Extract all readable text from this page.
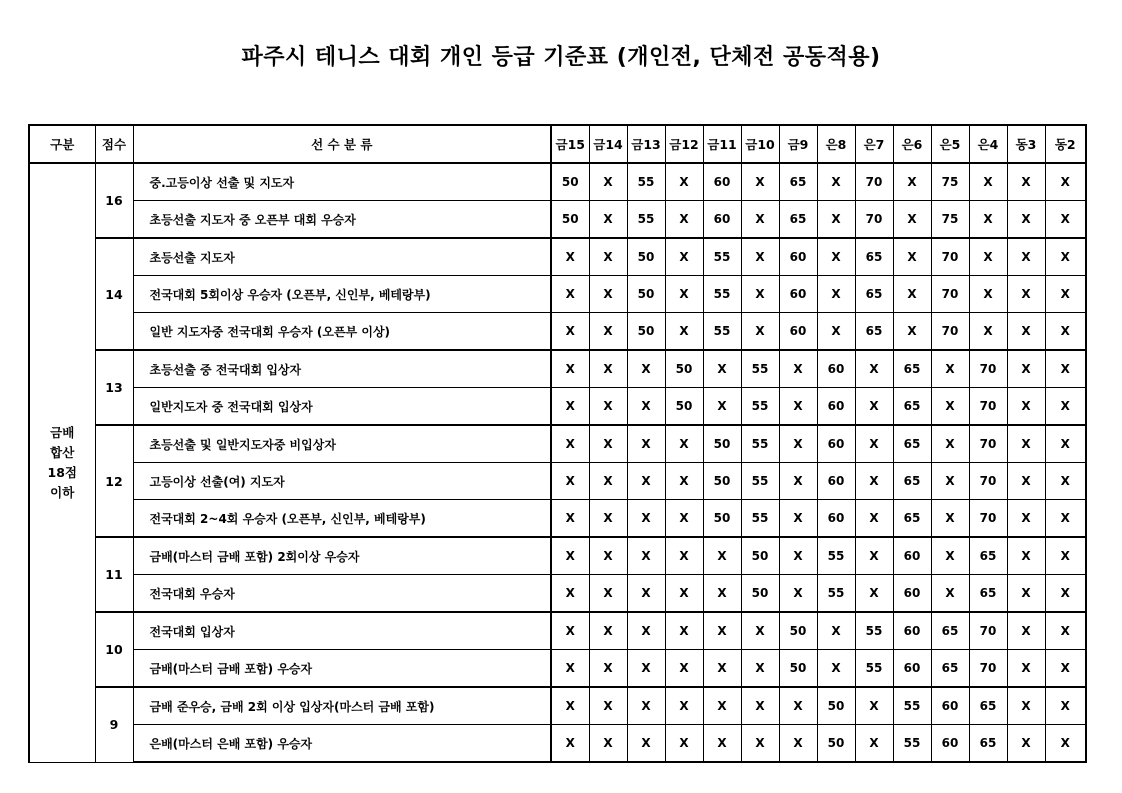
파주시 테니스 대회 개인 등급 기준표 (개인전, 단체전 공동적용)
구분	점수	선 수 분 류	금15	금14	금13	금12	금11	금10	금9	은8	은7	은6	은5	은4	동3	동2

금배
합산
18점
이하	16	중.고등이상 선출 및 지도자	50	X	55	X	60	X	65	X	70	X	75	X	X	X
		초등선출 지도자 중 오픈부 대회 우승자	50	X	55	X	60	X	65	X	70	X	75	X	X	X
	14	초등선출 지도자	X	X	50	X	55	X	60	X	65	X	70	X	X	X
		전국대회 5회이상 우승자 (오픈부, 신인부, 베테랑부)	X	X	50	X	55	X	60	X	65	X	70	X	X	X
		일반 지도자중 전국대회 우승자 (오픈부 이상)	X	X	50	X	55	X	60	X	65	X	70	X	X	X
	13	초등선출 중 전국대회 입상자	X	X	X	50	X	55	X	60	X	65	X	70	X	X
		일반지도자 중 전국대회 입상자	X	X	X	50	X	55	X	60	X	65	X	70	X	X
	12	초등선출 및 일반지도자중 비입상자	X	X	X	X	50	55	X	60	X	65	X	70	X	X
		고등이상 선출(여) 지도자	X	X	X	X	50	55	X	60	X	65	X	70	X	X
		전국대회 2~4회 우승자 (오픈부, 신인부, 베테랑부)	X	X	X	X	50	55	X	60	X	65	X	70	X	X
	11	금배(마스터 금배 포함) 2회이상 우승자	X	X	X	X	X	50	X	55	X	60	X	65	X	X
		전국대회 우승자	X	X	X	X	X	50	X	55	X	60	X	65	X	X
	10	전국대회 입상자	X	X	X	X	X	X	50	X	55	60	65	70	X	X
		금배(마스터 금배 포함) 우승자	X	X	X	X	X	X	50	X	55	60	65	70	X	X
	9	금배 준우승, 금배 2회 이상 입상자(마스터 금배 포함)	X	X	X	X	X	X	X	50	X	55	60	65	X	X
		은배(마스터 은배 포함) 우승자	X	X	X	X	X	X	X	50	X	55	60	65	X	X
